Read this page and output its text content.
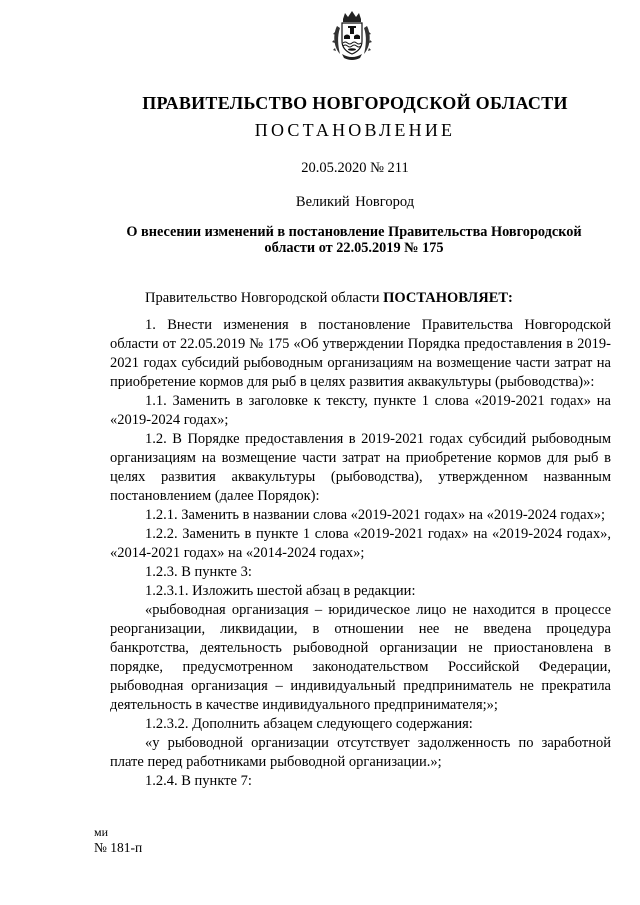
ПРАВИТЕЛЬСТВО НОВГОРОДСКОЙ ОБЛАСТИ
ПОСТАНОВЛЕНИЕ
20.05.2020 № 211
Великий Новгород
О внесении изменений в постановление Правительства Новгородской области от 22.05.2019 № 175

Правительство Новгородской области ПОСТАНОВЛЯЕТ:

1. Внести изменения в постановление Правительства Новгородской области от 22.05.2019 № 175 «Об утверждении Порядка предоставления в 2019-2021 годах субсидий рыбоводным организациям на возмещение части затрат на приобретение кормов для рыб в целях развития аквакультуры (рыбоводства)»:

1.1. Заменить в заголовке к тексту, пункте 1 слова «2019-2021 годах» на «2019-2024 годах»;

1.2. В Порядке предоставления в 2019-2021 годах субсидий рыбоводным организациям на возмещение части затрат на приобретение кормов для рыб в целях развития аквакультуры (рыбоводства), утвержденном названным постановлением (далее Порядок):

1.2.1. Заменить в названии слова «2019-2021 годах» на «2019-2024 годах»;

1.2.2. Заменить в пункте 1 слова «2019-2021 годах» на «2019-2024 годах», «2014-2021 годах» на «2014-2024 годах»;

1.2.3. В пункте 3:

1.2.3.1. Изложить шестой абзац в редакции:

«рыбоводная организация – юридическое лицо не находится в процессе реорганизации, ликвидации, в отношении нее не введена процедура банкротства, деятельность рыбоводной организации не приостановлена в порядке, предусмотренном законодательством Российской Федерации, рыбоводная организация – индивидуальный предприниматель не прекратила деятельность в качестве индивидуального предпринимателя;»;

1.2.3.2. Дополнить абзацем следующего содержания:

«у рыбоводной организации отсутствует задолженность по заработной плате перед работниками рыбоводной организации.»;

1.2.4. В пункте 7:

ми
№ 181-п
